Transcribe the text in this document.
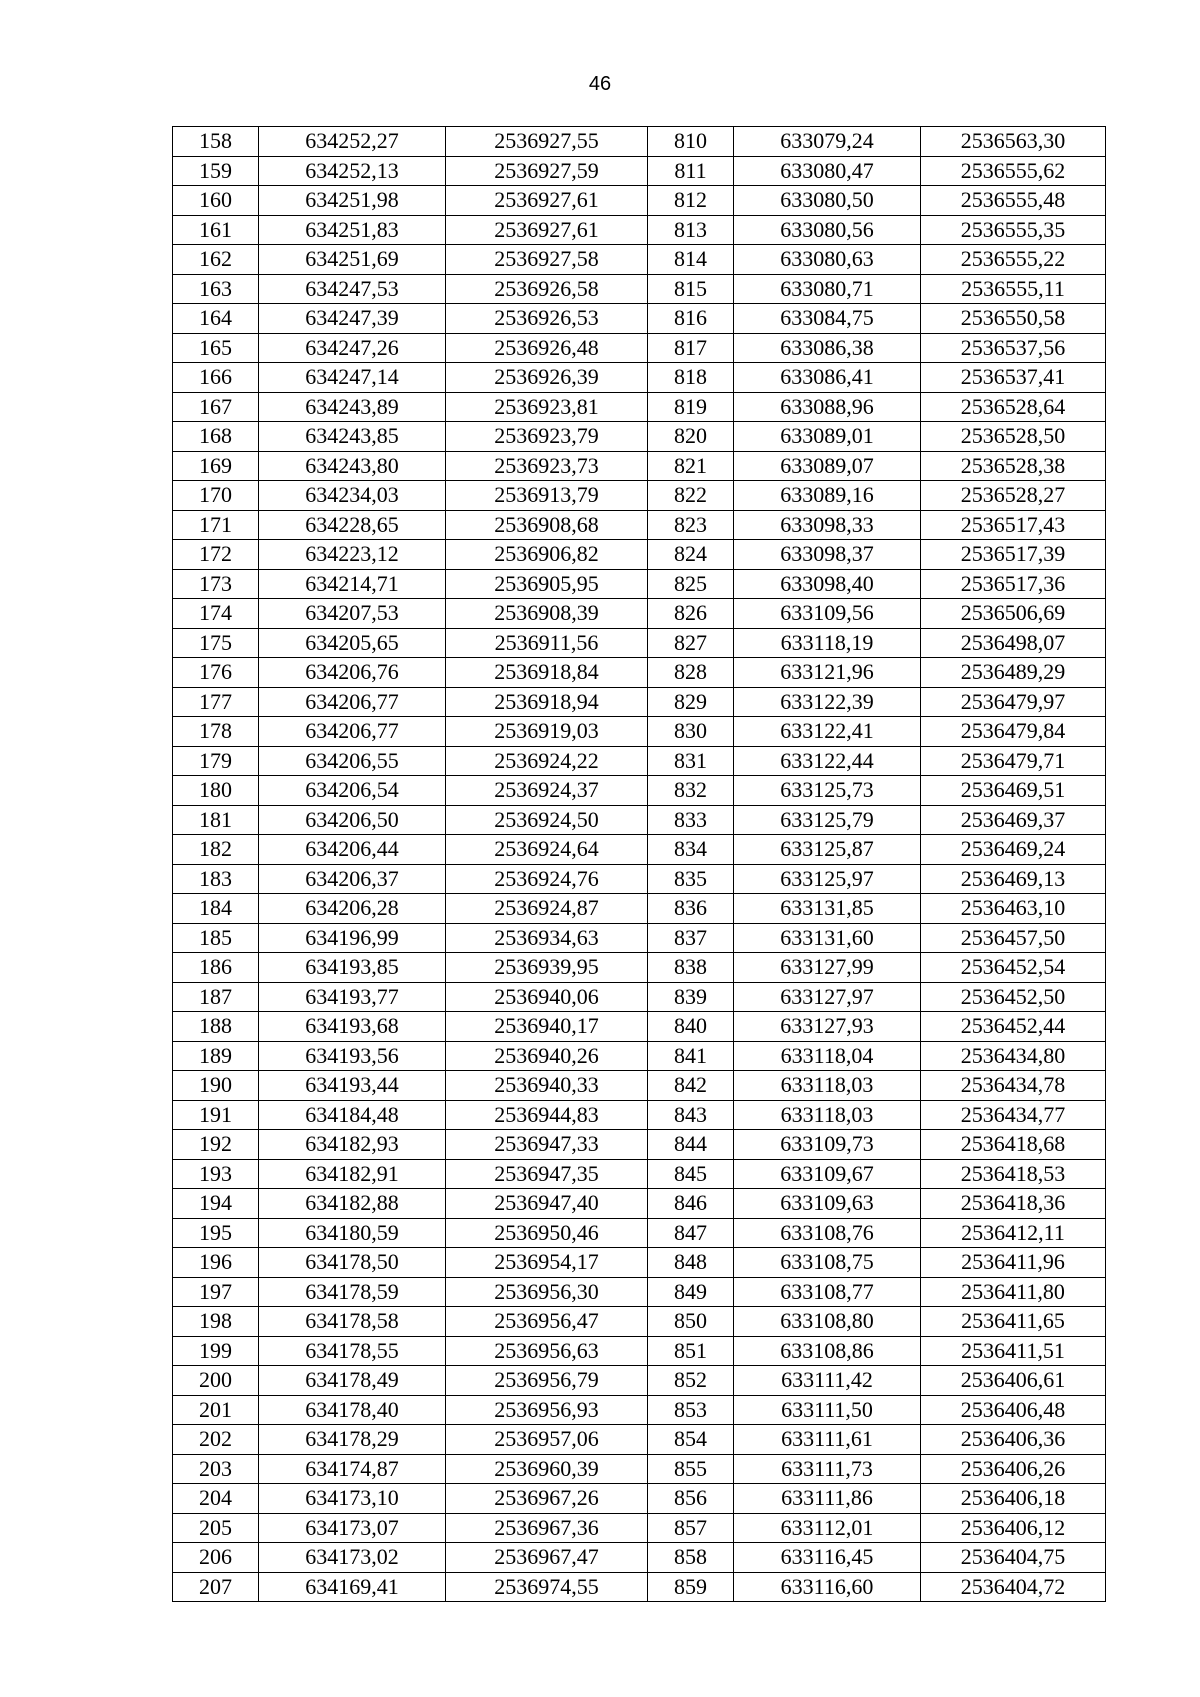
46
158	634252,27	2536927,55	810	633079,24	2536563,30
159	634252,13	2536927,59	811	633080,47	2536555,62
160	634251,98	2536927,61	812	633080,50	2536555,48
161	634251,83	2536927,61	813	633080,56	2536555,35
162	634251,69	2536927,58	814	633080,63	2536555,22
163	634247,53	2536926,58	815	633080,71	2536555,11
164	634247,39	2536926,53	816	633084,75	2536550,58
165	634247,26	2536926,48	817	633086,38	2536537,56
166	634247,14	2536926,39	818	633086,41	2536537,41
167	634243,89	2536923,81	819	633088,96	2536528,64
168	634243,85	2536923,79	820	633089,01	2536528,50
169	634243,80	2536923,73	821	633089,07	2536528,38
170	634234,03	2536913,79	822	633089,16	2536528,27
171	634228,65	2536908,68	823	633098,33	2536517,43
172	634223,12	2536906,82	824	633098,37	2536517,39
173	634214,71	2536905,95	825	633098,40	2536517,36
174	634207,53	2536908,39	826	633109,56	2536506,69
175	634205,65	2536911,56	827	633118,19	2536498,07
176	634206,76	2536918,84	828	633121,96	2536489,29
177	634206,77	2536918,94	829	633122,39	2536479,97
178	634206,77	2536919,03	830	633122,41	2536479,84
179	634206,55	2536924,22	831	633122,44	2536479,71
180	634206,54	2536924,37	832	633125,73	2536469,51
181	634206,50	2536924,50	833	633125,79	2536469,37
182	634206,44	2536924,64	834	633125,87	2536469,24
183	634206,37	2536924,76	835	633125,97	2536469,13
184	634206,28	2536924,87	836	633131,85	2536463,10
185	634196,99	2536934,63	837	633131,60	2536457,50
186	634193,85	2536939,95	838	633127,99	2536452,54
187	634193,77	2536940,06	839	633127,97	2536452,50
188	634193,68	2536940,17	840	633127,93	2536452,44
189	634193,56	2536940,26	841	633118,04	2536434,80
190	634193,44	2536940,33	842	633118,03	2536434,78
191	634184,48	2536944,83	843	633118,03	2536434,77
192	634182,93	2536947,33	844	633109,73	2536418,68
193	634182,91	2536947,35	845	633109,67	2536418,53
194	634182,88	2536947,40	846	633109,63	2536418,36
195	634180,59	2536950,46	847	633108,76	2536412,11
196	634178,50	2536954,17	848	633108,75	2536411,96
197	634178,59	2536956,30	849	633108,77	2536411,80
198	634178,58	2536956,47	850	633108,80	2536411,65
199	634178,55	2536956,63	851	633108,86	2536411,51
200	634178,49	2536956,79	852	633111,42	2536406,61
201	634178,40	2536956,93	853	633111,50	2536406,48
202	634178,29	2536957,06	854	633111,61	2536406,36
203	634174,87	2536960,39	855	633111,73	2536406,26
204	634173,10	2536967,26	856	633111,86	2536406,18
205	634173,07	2536967,36	857	633112,01	2536406,12
206	634173,02	2536967,47	858	633116,45	2536404,75
207	634169,41	2536974,55	859	633116,60	2536404,72
